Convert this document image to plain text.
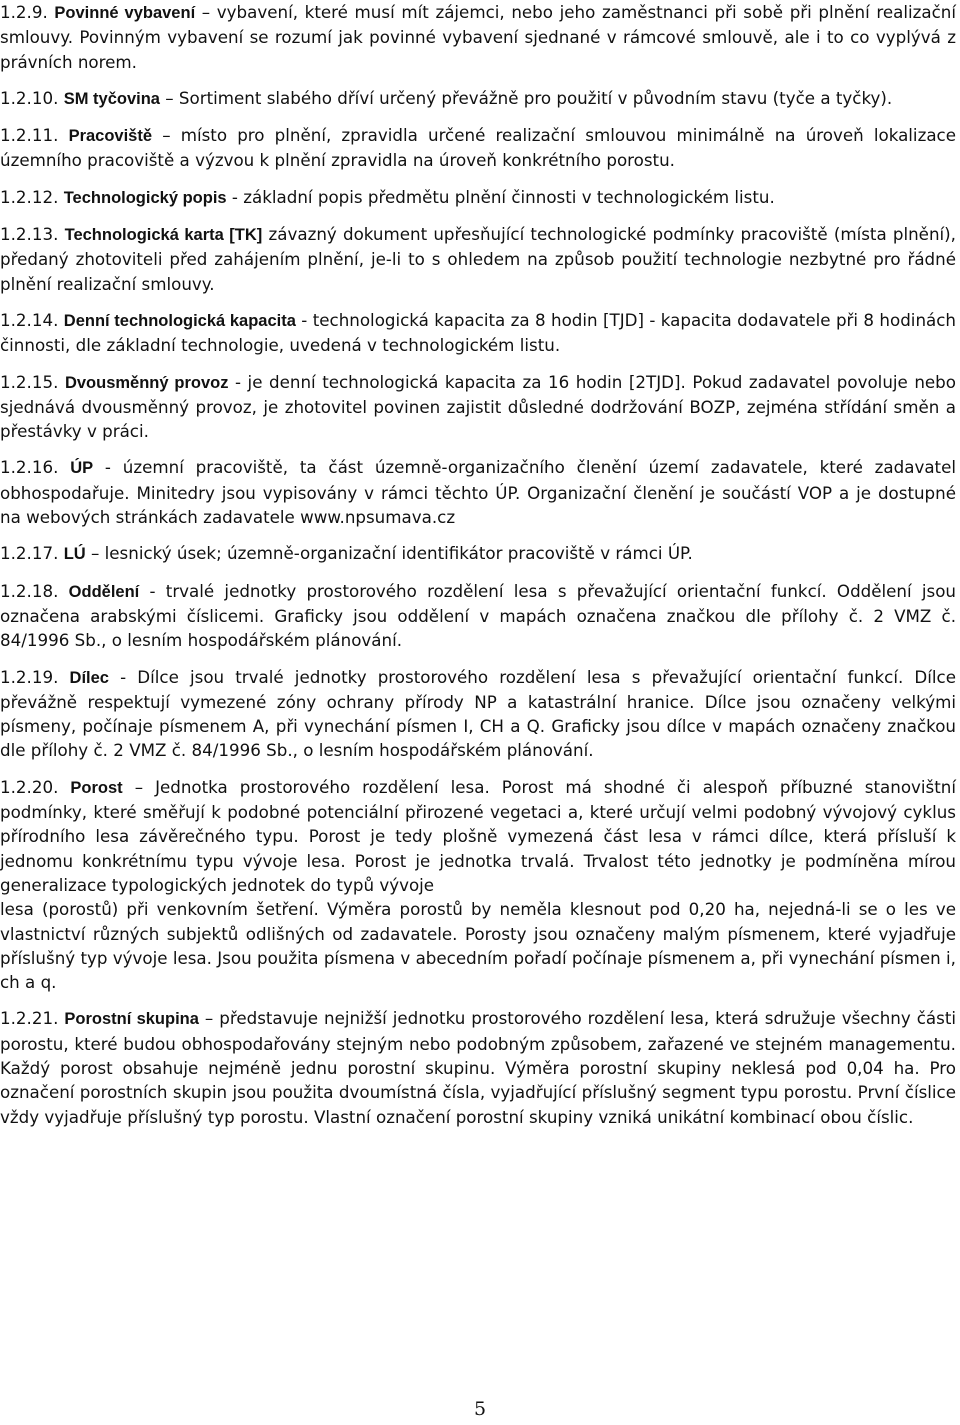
1.2.9. Povinné vybavení – vybavení, které musí mít zájemci, nebo jeho zaměstnanci při sobě při plnění realizační smlouvy. Povinným vybavení se rozumí jak povinné vybavení sjednané v rámcové smlouvě, ale i to co vyplývá z právních norem.

1.2.10. SM tyčovina – Sortiment slabého dříví určený převážně pro použití v původním stavu (tyče a tyčky).

1.2.11. Pracoviště – místo pro plnění, zpravidla určené realizační smlouvou minimálně na úroveň lokalizace územního pracoviště a výzvou k plnění zpravidla na úroveň konkrétního porostu.

1.2.12. Technologický popis - základní popis předmětu plnění činnosti v technologickém listu.

1.2.13. Technologická karta [TK] závazný dokument upřesňující technologické podmínky pracoviště (místa plnění), předaný zhotoviteli před zahájením plnění, je-li to s ohledem na způsob použití technologie nezbytné pro řádné plnění realizační smlouvy.

1.2.14. Denní technologická kapacita - technologická kapacita za 8 hodin [TJD] - kapacita dodavatele při 8 hodinách činnosti, dle základní technologie, uvedená v technologickém listu.

1.2.15. Dvousměnný provoz - je denní technologická kapacita za 16 hodin [2TJD]. Pokud zadavatel povoluje nebo sjednává dvousměnný provoz, je zhotovitel povinen zajistit důsledné dodržování BOZP, zejména střídání směn a přestávky v práci.

1.2.16. ÚP - územní pracoviště, ta část územně-organizačního členění území zadavatele, které zadavatel obhospodařuje. Minitedry jsou vypisovány v rámci těchto ÚP. Organizační členění je součástí VOP a je dostupné na webových stránkách zadavatele www.npsumava.cz

1.2.17. LÚ – lesnický úsek; územně-organizační identifikátor pracoviště v rámci ÚP.

1.2.18. Oddělení - trvalé jednotky prostorového rozdělení lesa s převažující orientační funkcí. Oddělení jsou označena arabskými číslicemi. Graficky jsou oddělení v mapách označena značkou dle přílohy č. 2 VMZ č. 84/1996 Sb., o lesním hospodářském plánování.

1.2.19. Dílec - Dílce jsou trvalé jednotky prostorového rozdělení lesa s převažující orientační funkcí. Dílce převážně respektují vymezené zóny ochrany přírody NP a katastrální hranice. Dílce jsou označeny velkými písmeny, počínaje písmenem A, při vynechání písmen I, CH a Q. Graficky jsou dílce v mapách označeny značkou dle přílohy č. 2 VMZ č. 84/1996 Sb., o lesním hospodářském plánování.

1.2.20. Porost – Jednotka prostorového rozdělení lesa. Porost má shodné či alespoň příbuzné stanovištní podmínky, které směřují k podobné potenciální přirozené vegetaci a, které určují velmi podobný vývojový cyklus přírodního lesa závěrečného typu. Porost je tedy plošně vymezená část lesa v rámci dílce, která přísluší k jednomu konkrétnímu typu vývoje lesa. Porost je jednotka trvalá. Trvalost této jednotky je podmíněna mírou generalizace typologických jednotek do typů vývoje

lesa (porostů) při venkovním šetření. Výměra porostů by neměla klesnout pod 0,20 ha, nejedná-li se o les ve vlastnictví různých subjektů odlišných od zadavatele. Porosty jsou označeny malým písmenem, které vyjadřuje příslušný typ vývoje lesa. Jsou použita písmena v abecedním pořadí počínaje písmenem a, při vynechání písmen i, ch a q.

1.2.21. Porostní skupina – představuje nejnižší jednotku prostorového rozdělení lesa, která sdružuje všechny části porostu, které budou obhospodařovány stejným nebo podobným způsobem, zařazené ve stejném managementu. Každý porost obsahuje nejméně jednu porostní skupinu. Výměra porostní skupiny neklesá pod 0,04 ha. Pro označení porostních skupin jsou použita dvoumístná čísla, vyjadřující příslušný segment typu porostu. První číslice vždy vyjadřuje příslušný typ porostu. Vlastní označení porostní skupiny vzniká unikátní kombinací obou číslic.

5
